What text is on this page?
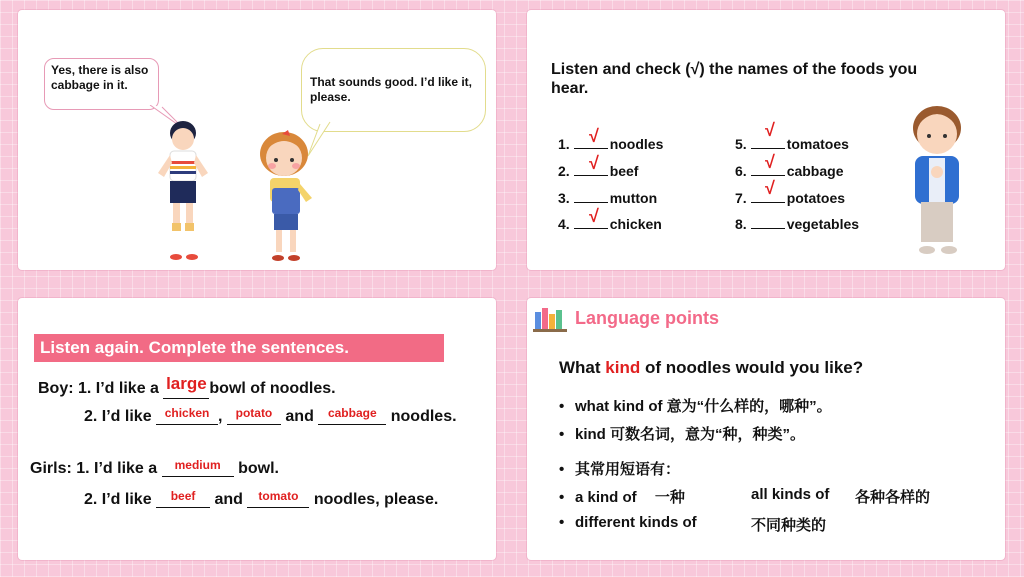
Yes, there is also cabbage in it.	That sounds good. I’d like it, please.
Listen and check (√) the names of the foods you hear.
1.	noodles
√
2.	beef
√
3.	mutton
4.	chicken
√
5.	tomatoes
√
6.	cabbage
√
7.	potatoes
√
8.	vegetables
Listen again. Complete the sentences.
Boy: 1. I’d like a large bowl of noodles.
2. I’d like chicken , potato and cabbage noodles.
Girls: 1. I’d like a medium bowl.
2. I’d like beef and tomato noodles, please.
Language points
What kind of noodles would you like?
• what kind of 意为“什么样的，哪种”。
• kind 可数名词，意为“种，种类”。
• 其常用短语有：
• a kind of 一种	all kinds of 各种各样的
• different kinds of	不同种类的
